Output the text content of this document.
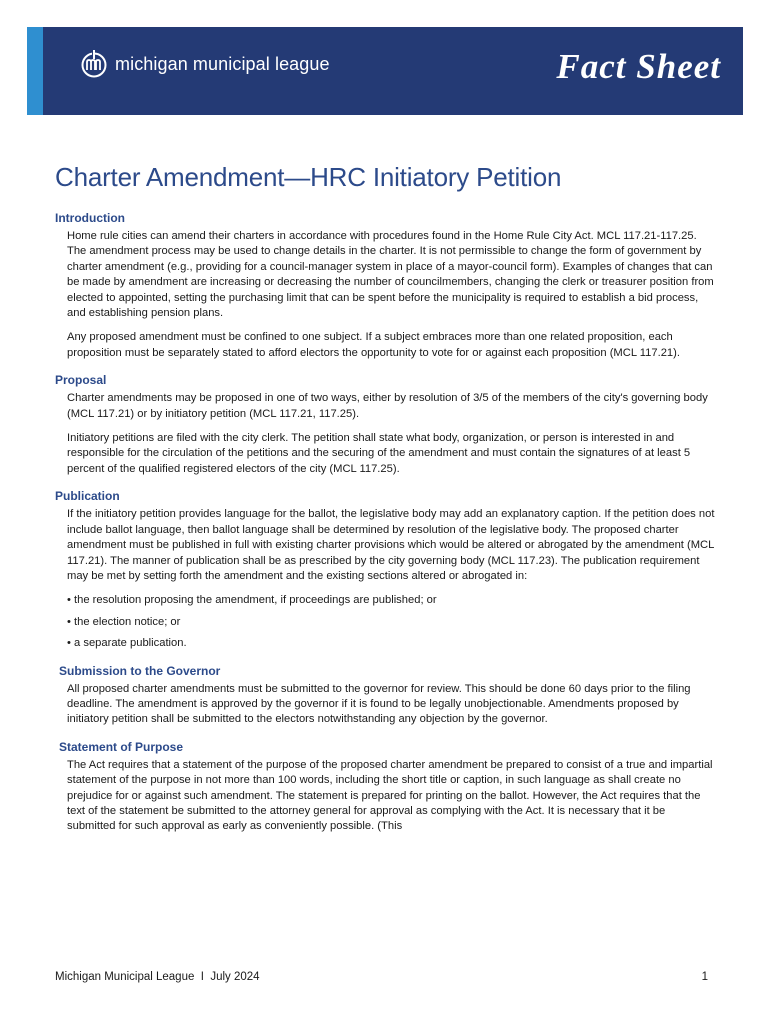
michigan municipal league	Fact Sheet
Charter Amendment—HRC Initiatory Petition
Introduction

Home rule cities can amend their charters in accordance with procedures found in the Home Rule City Act. MCL 117.21-117.25. The amendment process may be used to change details in the charter. It is not permissible to change the form of government by charter amendment (e.g., providing for a council-manager system in place of a mayor-council form). Examples of changes that can be made by amendment are increasing or decreasing the number of councilmembers, changing the clerk or treasurer position from elected to appointed, setting the purchasing limit that can be spent before the municipality is required to establish a bid process, and establishing pension plans.

Any proposed amendment must be confined to one subject. If a subject embraces more than one related proposition, each proposition must be separately stated to afford electors the opportunity to vote for or against each proposition (MCL 117.21).

Proposal

Charter amendments may be proposed in one of two ways, either by resolution of 3/5 of the members of the city's governing body (MCL 117.21) or by initiatory petition (MCL 117.21, 117.25).

Initiatory petitions are filed with the city clerk. The petition shall state what body, organization, or person is interested in and responsible for the circulation of the petitions and the securing of the amendment and must contain the signatures of at least 5 percent of the qualified registered electors of the city (MCL 117.25).

Publication

If the initiatory petition provides language for the ballot, the legislative body may add an explanatory caption. If the petition does not include ballot language, then ballot language shall be determined by resolution of the legislative body. The proposed charter amendment must be published in full with existing charter provisions which would be altered or abrogated by the amendment (MCL 117.21). The manner of publication shall be as prescribed by the city governing body (MCL 117.23). The publication requirement may be met by setting forth the amendment and the existing sections altered or abrogated in:

• the resolution proposing the amendment, if proceedings are published; or
• the election notice; or
• a separate publication.
Submission to the Governor

All proposed charter amendments must be submitted to the governor for review. This should be done 60 days prior to the filing deadline. The amendment is approved by the governor if it is found to be legally unobjectionable. Amendments proposed by initiatory petition shall be submitted to the electors notwithstanding any objection by the governor.

Statement of Purpose

The Act requires that a statement of the purpose of the proposed charter amendment be prepared to consist of a true and impartial statement of the purpose in not more than 100 words, including the short title or caption, in such language as shall create no prejudice for or against such amendment. The statement is prepared for printing on the ballot. However, the Act requires that the text of the statement be submitted to the attorney general for approval as complying with the Act. It is necessary that it be submitted for such approval as early as conveniently possible. (This

Michigan Municipal League  I  July 2024	1
